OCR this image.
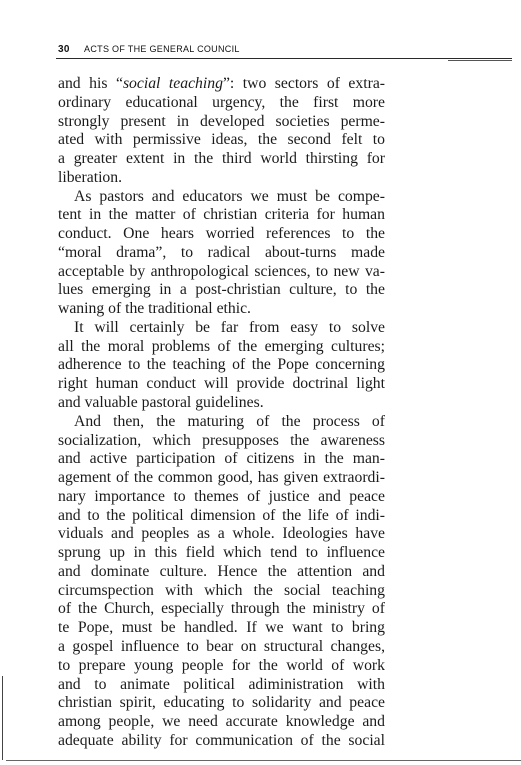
30 ACTS OF THE GENERAL COUNCIL
and his “social teaching”: two sectors of extra-
ordinary educational urgency, the first more
strongly present in developed societies perme-
ated with permissive ideas, the second felt to
a greater extent in the third world thirsting for
liberation.
As pastors and educators we must be compe-
tent in the matter of christian criteria for human
conduct. One hears worried references to the
“moral drama”, to radical about-turns made
acceptable by anthropological sciences, to new va-
lues emerging in a post-christian culture, to the
waning of the traditional ethic.
It will certainly be far from easy to solve
all the moral problems of the emerging cultures;
adherence to the teaching of the Pope concerning
right human conduct will provide doctrinal light
and valuable pastoral guidelines.
And then, the maturing of the process of
socialization, which presupposes the awareness
and active participation of citizens in the man-
agement of the common good, has given extraordi-
nary importance to themes of justice and peace
and to the political dimension of the life of indi-
viduals and peoples as a whole. Ideologies have
sprung up in this field which tend to influence
and dominate culture. Hence the attention and
circumspection with which the social teaching
of the Church, especially through the ministry of
te Pope, must be handled. If we want to bring
a gospel influence to bear on structural changes,
to prepare young people for the world of work
and to animate political adiministration with
christian spirit, educating to solidarity and peace
among people, we need accurate knowledge and
adequate ability for communication of the social
